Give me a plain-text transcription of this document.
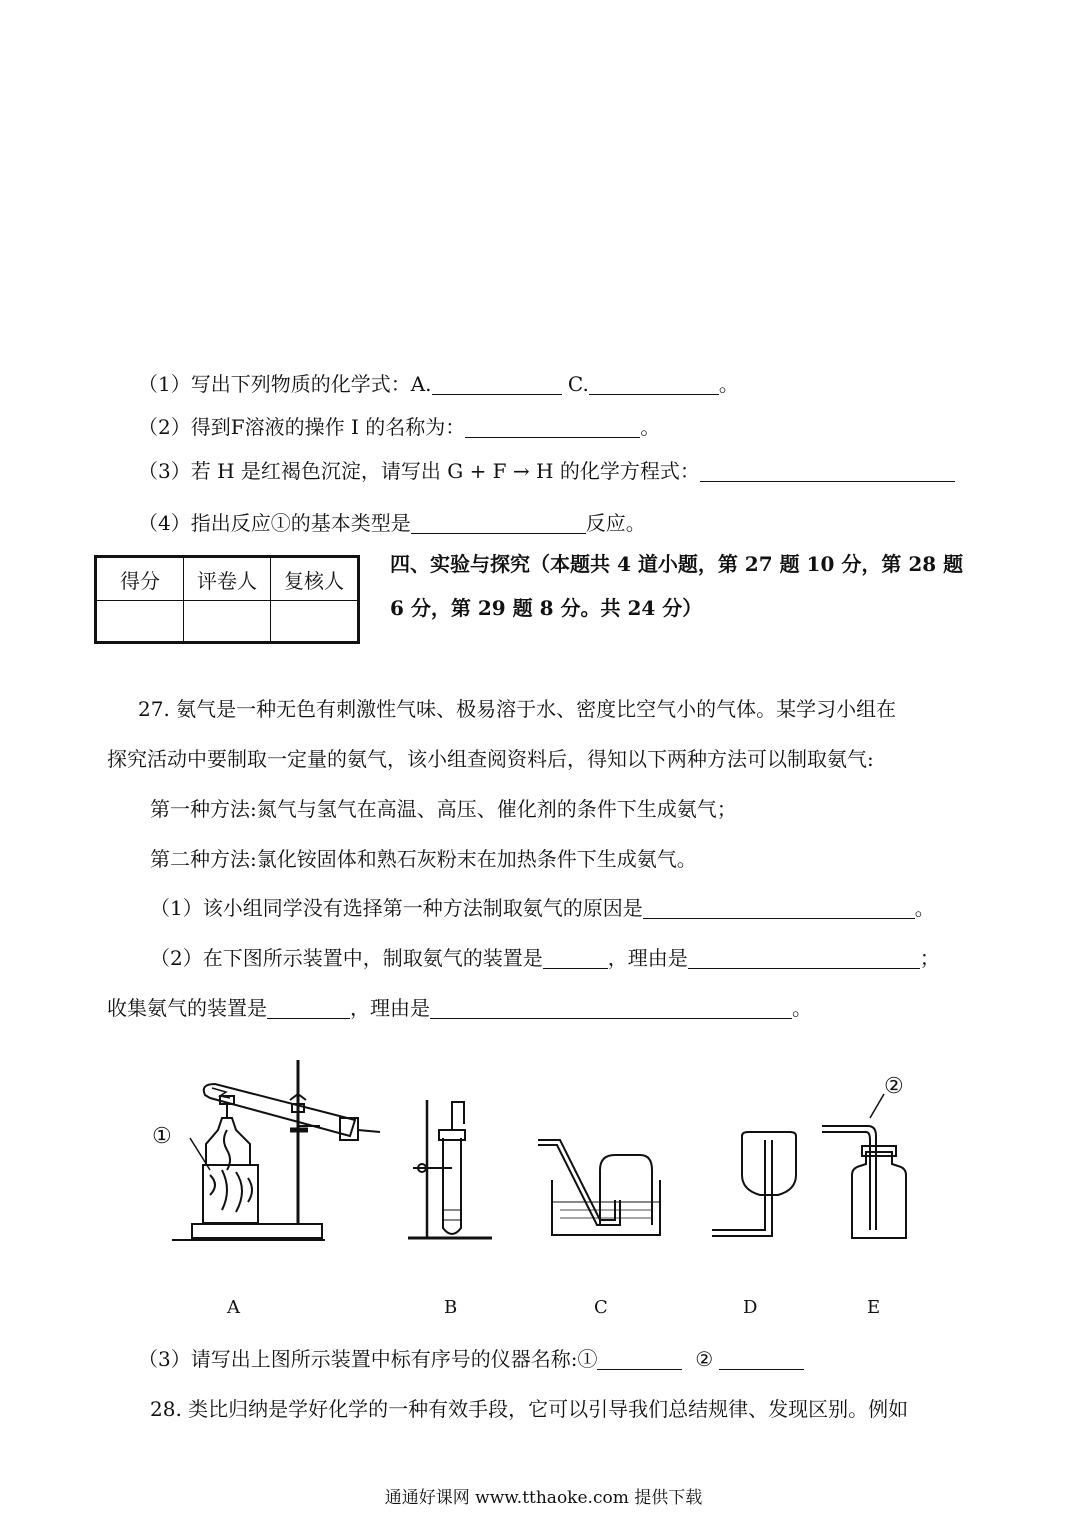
（1）写出下列物质的化学式：A.	C.	。
（2）得到F溶液的操作 I 的名称为：	。
（3）若 H 是红褐色沉淀，请写出 G + F → H 的化学方程式：
（4）指出反应①的基本类型是	反应。
得分	评卷人	复核人

四、实验与探究（本题共 4 道小题，第 27 题 10 分，第 28 题
6 分，第 29 题 8 分。共 24 分）
27. 氨气是一种无色有刺激性气味、极易溶于水、密度比空气小的气体。某学习小组在
探究活动中要制取一定量的氨气，该小组查阅资料后，得知以下两种方法可以制取氨气:
第一种方法:氮气与氢气在高温、高压、催化剂的条件下生成氨气；
第二种方法:氯化铵固体和熟石灰粉末在加热条件下生成氨气。
（1）该小组同学没有选择第一种方法制取氨气的原因是	。
（2）在下图所示装置中，制取氨气的装置是	，理由是	；
收集氨气的装置是	，理由是	。
①
②
A	B	C	D	E
（3）请写出上图所示装置中标有序号的仪器名称:①	②
28. 类比归纳是学好化学的一种有效手段，它可以引导我们总结规律、发现区别。例如
通通好课网 www.tthaoke.com 提供下载
